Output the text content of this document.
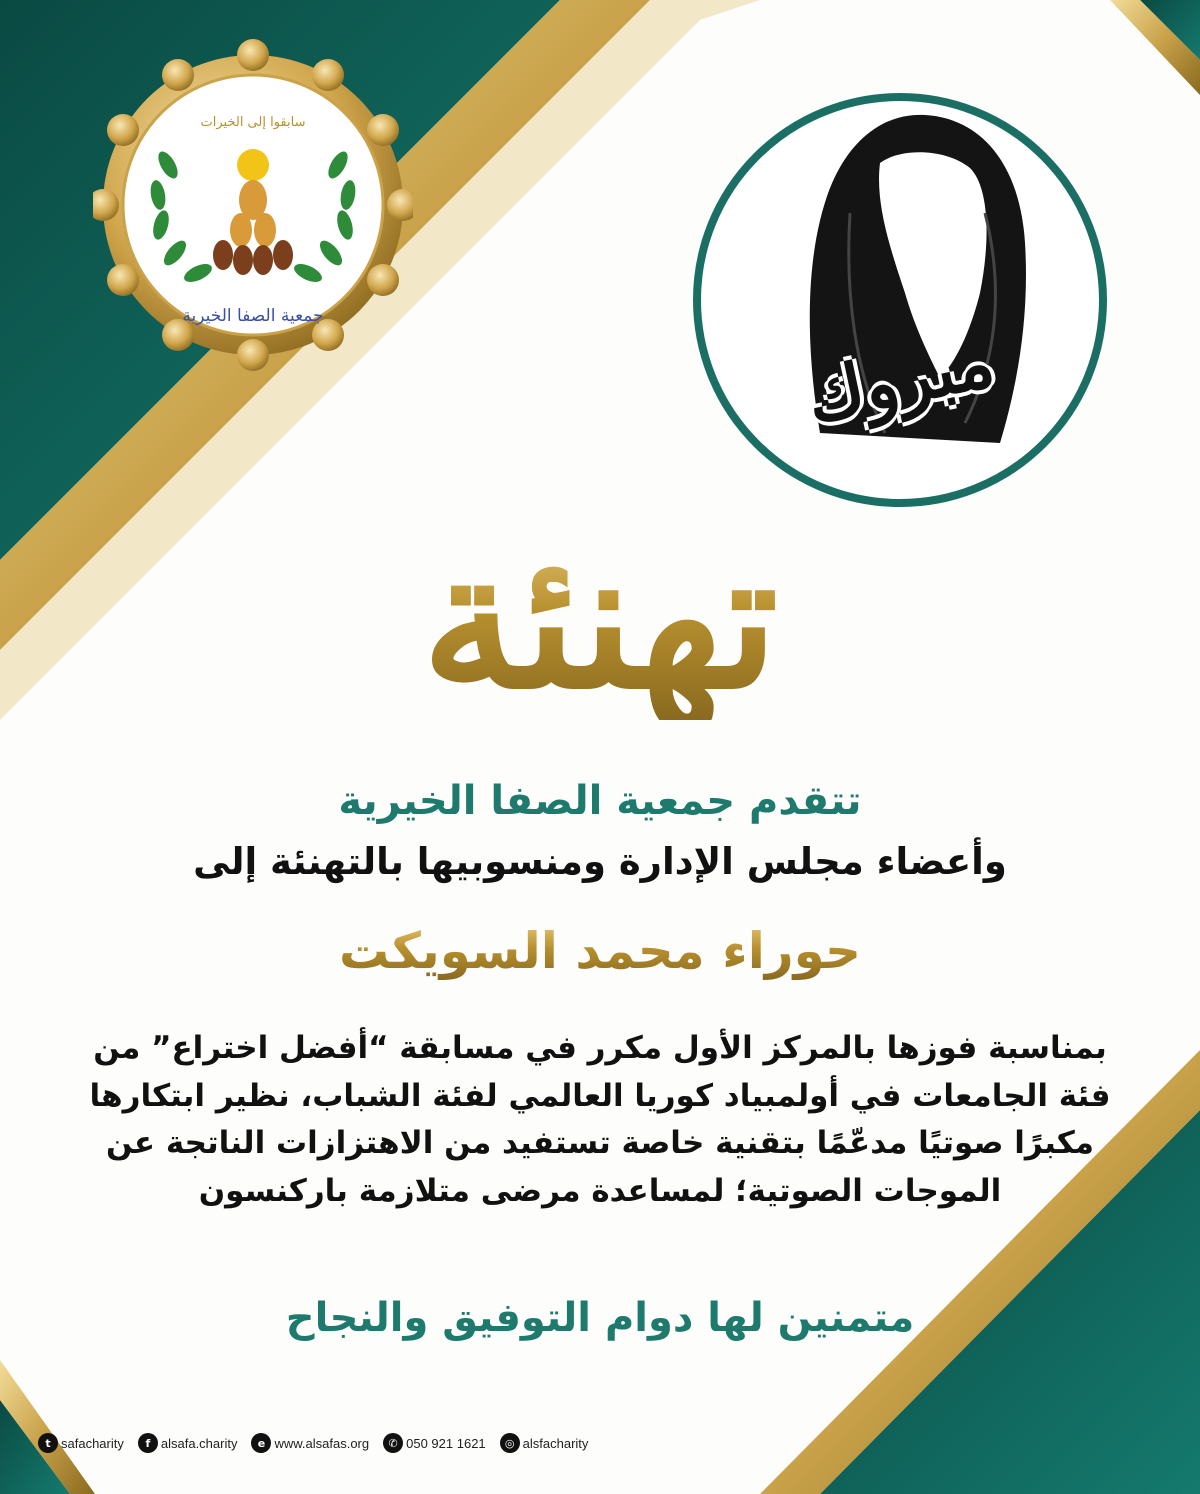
سابقوا إلى الخيرات
جمعية الصفا الخيرية
مبروك
تهنئة
تتقدم جمعية الصفا الخيرية
وأعضاء مجلس الإدارة ومنسوبيها بالتهنئة إلى
حوراء محمد السويكت
بمناسبة فوزها بالمركز الأول مكرر في مسابقة “أفضل اختراع” من فئة الجامعات في أولمبياد كوريا العالمي لفئة الشباب، نظير ابتكارها مكبرًا صوتيًا مدعّمًا بتقنية خاصة تستفيد من الاهتزازات الناتجة عن الموجات الصوتية؛ لمساعدة مرضى متلازمة باركنسون
متمنين لها دوام التوفيق والنجاح
t safacharity	f alsafa.charity	e www.alsafas.org	✆ 050 921 1621	◎ alsfacharity
